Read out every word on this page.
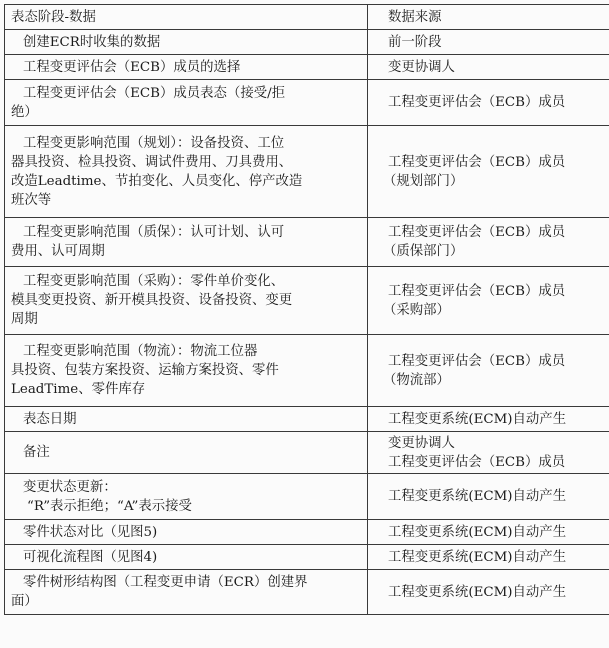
表态阶段-数据	数据来源

创建ECR时收集的数据	前一阶段

工程变更评估会（ECB）成员的选择	变更协调人

工程变更评估会（ECB）成员表态（接受/拒
绝）	工程变更评估会（ECB）成员

工程变更影响范围（规划）：设备投资、工位
器具投资、检具投资、调试件费用、刀具费用、
改造Leadtime、节拍变化、人员变化、停产改造
班次等	工程变更评估会（ECB）成员
（规划部门）

工程变更影响范围（质保）：认可计划、认可
费用、认可周期	工程变更评估会（ECB）成员
（质保部门）

工程变更影响范围（采购）：零件单价变化、
模具变更投资、新开模具投资、设备投资、变更
周期	工程变更评估会（ECB）成员
（采购部）

工程变更影响范围（物流）：物流工位器
具投资、包装方案投资、运输方案投资、零件
LeadTime、零件库存	工程变更评估会（ECB）成员
（物流部）

表态日期	工程变更系统(ECM)自动产生

备注	变更协调人
工程变更评估会（ECB）成员

变更状态更新：
“R”表示拒绝；“A”表示接受	工程变更系统(ECM)自动产生

零件状态对比（见图5)	工程变更系统(ECM)自动产生

可视化流程图（见图4)	工程变更系统(ECM)自动产生

零件树形结构图（工程变更申请（ECR）创建界
面）	工程变更系统(ECM)自动产生
